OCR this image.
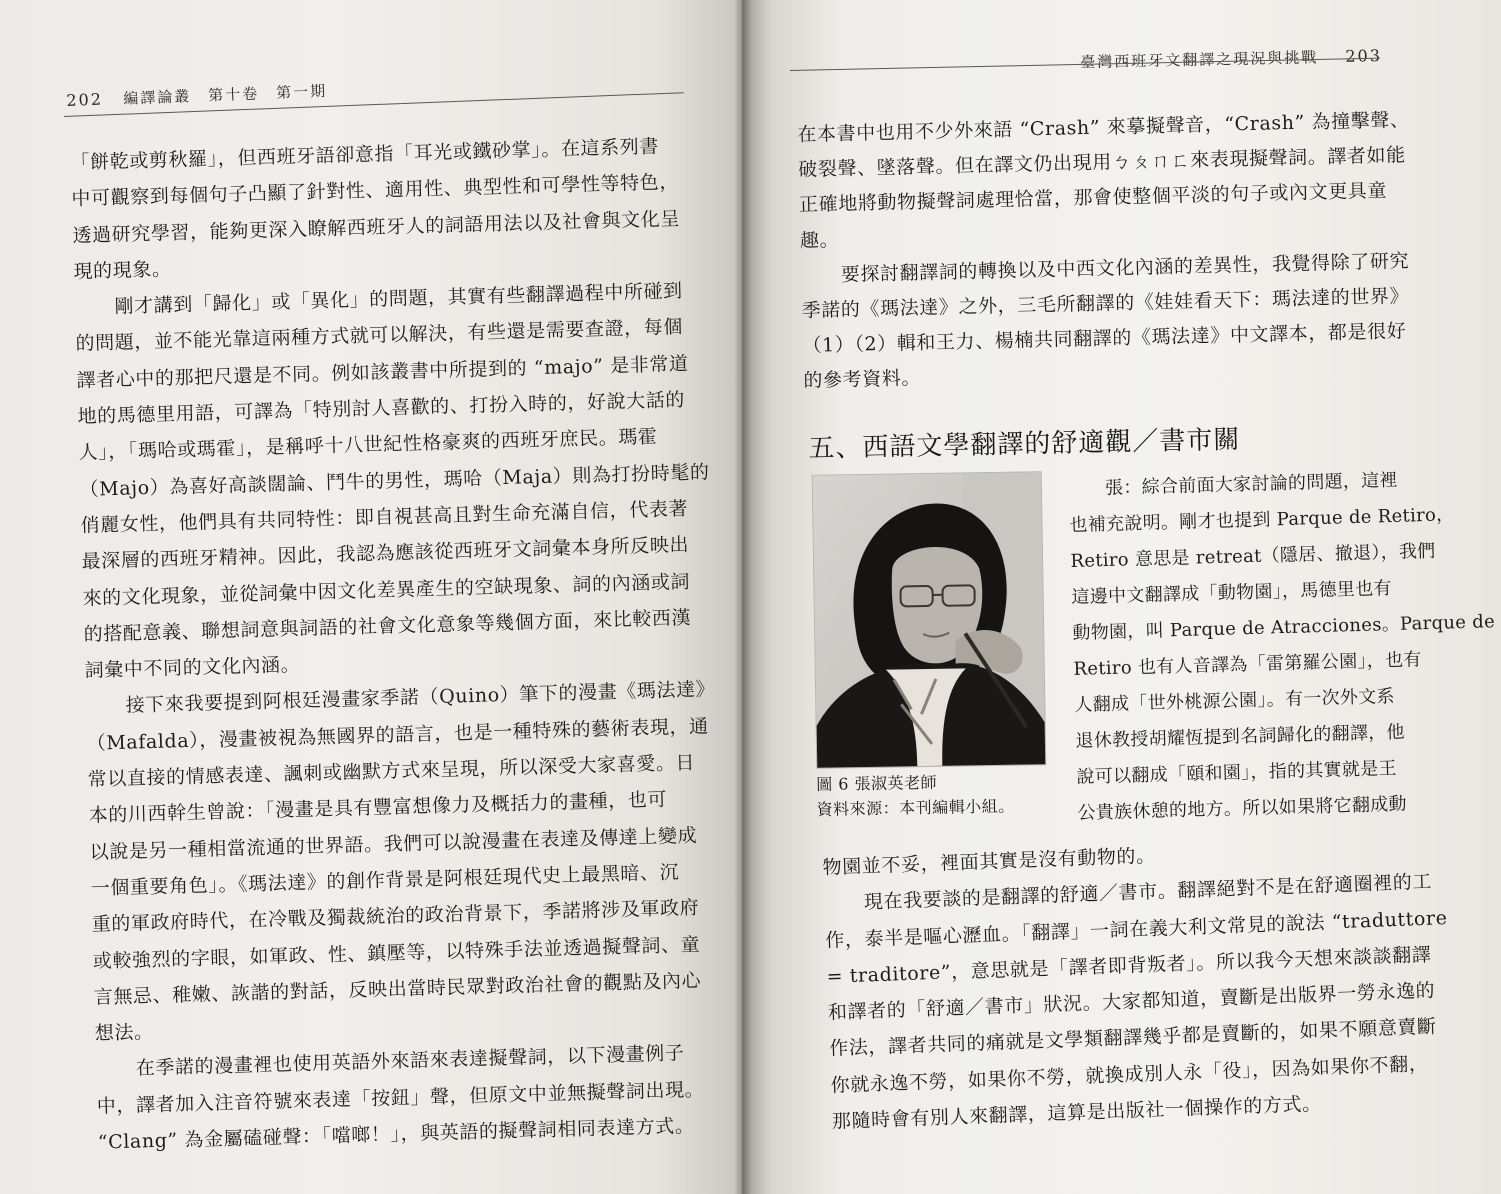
202 編譯論叢　第十卷　第一期
「餅乾或剪秋羅」，但西班牙語卻意指「耳光或鐵砂掌」。在這系列書
中可觀察到每個句子凸顯了針對性、適用性、典型性和可學性等特色，
透過研究學習，能夠更深入瞭解西班牙人的詞語用法以及社會與文化呈
現的現象。
剛才講到「歸化」或「異化」的問題，其實有些翻譯過程中所碰到
的問題，並不能光靠這兩種方式就可以解決，有些還是需要查證，每個
譯者心中的那把尺還是不同。例如該叢書中所提到的 “majo” 是非常道
地的馬德里用語，可譯為「特別討人喜歡的、打扮入時的，好說大話的
人」，「瑪哈或瑪霍」，是稱呼十八世紀性格豪爽的西班牙庶民。瑪霍
（Majo）為喜好高談闊論、鬥牛的男性，瑪哈（Maja）則為打扮時髦的
俏麗女性，他們具有共同特性：即自視甚高且對生命充滿自信，代表著
最深層的西班牙精神。因此，我認為應該從西班牙文詞彙本身所反映出
來的文化現象，並從詞彙中因文化差異產生的空缺現象、詞的內涵或詞
的搭配意義、聯想詞意與詞語的社會文化意象等幾個方面，來比較西漢
詞彙中不同的文化內涵。
接下來我要提到阿根廷漫畫家季諾（Quino）筆下的漫畫《瑪法達》
（Mafalda），漫畫被視為無國界的語言，也是一種特殊的藝術表現，通
常以直接的情感表達、諷刺或幽默方式來呈現，所以深受大家喜愛。日
本的川西幹生曾說：「漫畫是具有豐富想像力及概括力的畫種，也可
以說是另一種相當流通的世界語。我們可以說漫畫在表達及傳達上變成
一個重要角色」。《瑪法達》的創作背景是阿根廷現代史上最黑暗、沉
重的軍政府時代，在冷戰及獨裁統治的政治背景下，季諾將涉及軍政府
或較強烈的字眼，如軍政、性、鎮壓等，以特殊手法並透過擬聲詞、童
言無忌、稚嫩、詼諧的對話，反映出當時民眾對政治社會的觀點及內心
想法。
在季諾的漫畫裡也使用英語外來語來表達擬聲詞，以下漫畫例子
中，譯者加入注音符號來表達「按鈕」聲，但原文中並無擬聲詞出現。
“Clang” 為金屬磕碰聲：「噹啷！」，與英語的擬聲詞相同表達方式。
臺灣西班牙文翻譯之現況與挑戰 203
在本書中也用不少外來語 “Crash” 來摹擬聲音，“Crash” 為撞擊聲、
破裂聲、墜落聲。但在譯文仍出現用ㄅㄆㄇㄈ來表現擬聲詞。譯者如能
正確地將動物擬聲詞處理恰當，那會使整個平淡的句子或內文更具童
趣。
要探討翻譯詞的轉換以及中西文化內涵的差異性，我覺得除了研究
季諾的《瑪法達》之外，三毛所翻譯的《娃娃看天下：瑪法達的世界》
（1）（2）輯和王力、楊楠共同翻譯的《瑪法達》中文譯本，都是很好
的參考資料。
五、西語文學翻譯的舒適觀／書市關
圖 6 張淑英老師
資料來源：本刊編輯小組。
　　張：綜合前面大家討論的問題，這裡
也補充說明。剛才也提到 Parque de Retiro，
Retiro 意思是 retreat（隱居、撤退），我們
這邊中文翻譯成「動物園」，馬德里也有
動物園，叫 Parque de Atracciones。Parque de
Retiro 也有人音譯為「雷第羅公園」，也有
人翻成「世外桃源公園」。有一次外文系
退休教授胡耀恆提到名詞歸化的翻譯，他
說可以翻成「頤和園」，指的其實就是王
公貴族休憩的地方。所以如果將它翻成動
物園並不妥，裡面其實是沒有動物的。
現在我要談的是翻譯的舒適／書市。翻譯絕對不是在舒適圈裡的工
作，泰半是嘔心瀝血。「翻譯」一詞在義大利文常見的說法 “traduttore
= traditore”，意思就是「譯者即背叛者」。所以我今天想來談談翻譯
和譯者的「舒適／書市」狀況。大家都知道，賣斷是出版界一勞永逸的
作法，譯者共同的痛就是文學類翻譯幾乎都是賣斷的，如果不願意賣斷
你就永逸不勞，如果你不勞，就換成別人永「役」，因為如果你不翻，
那隨時會有別人來翻譯，這算是出版社一個操作的方式。
